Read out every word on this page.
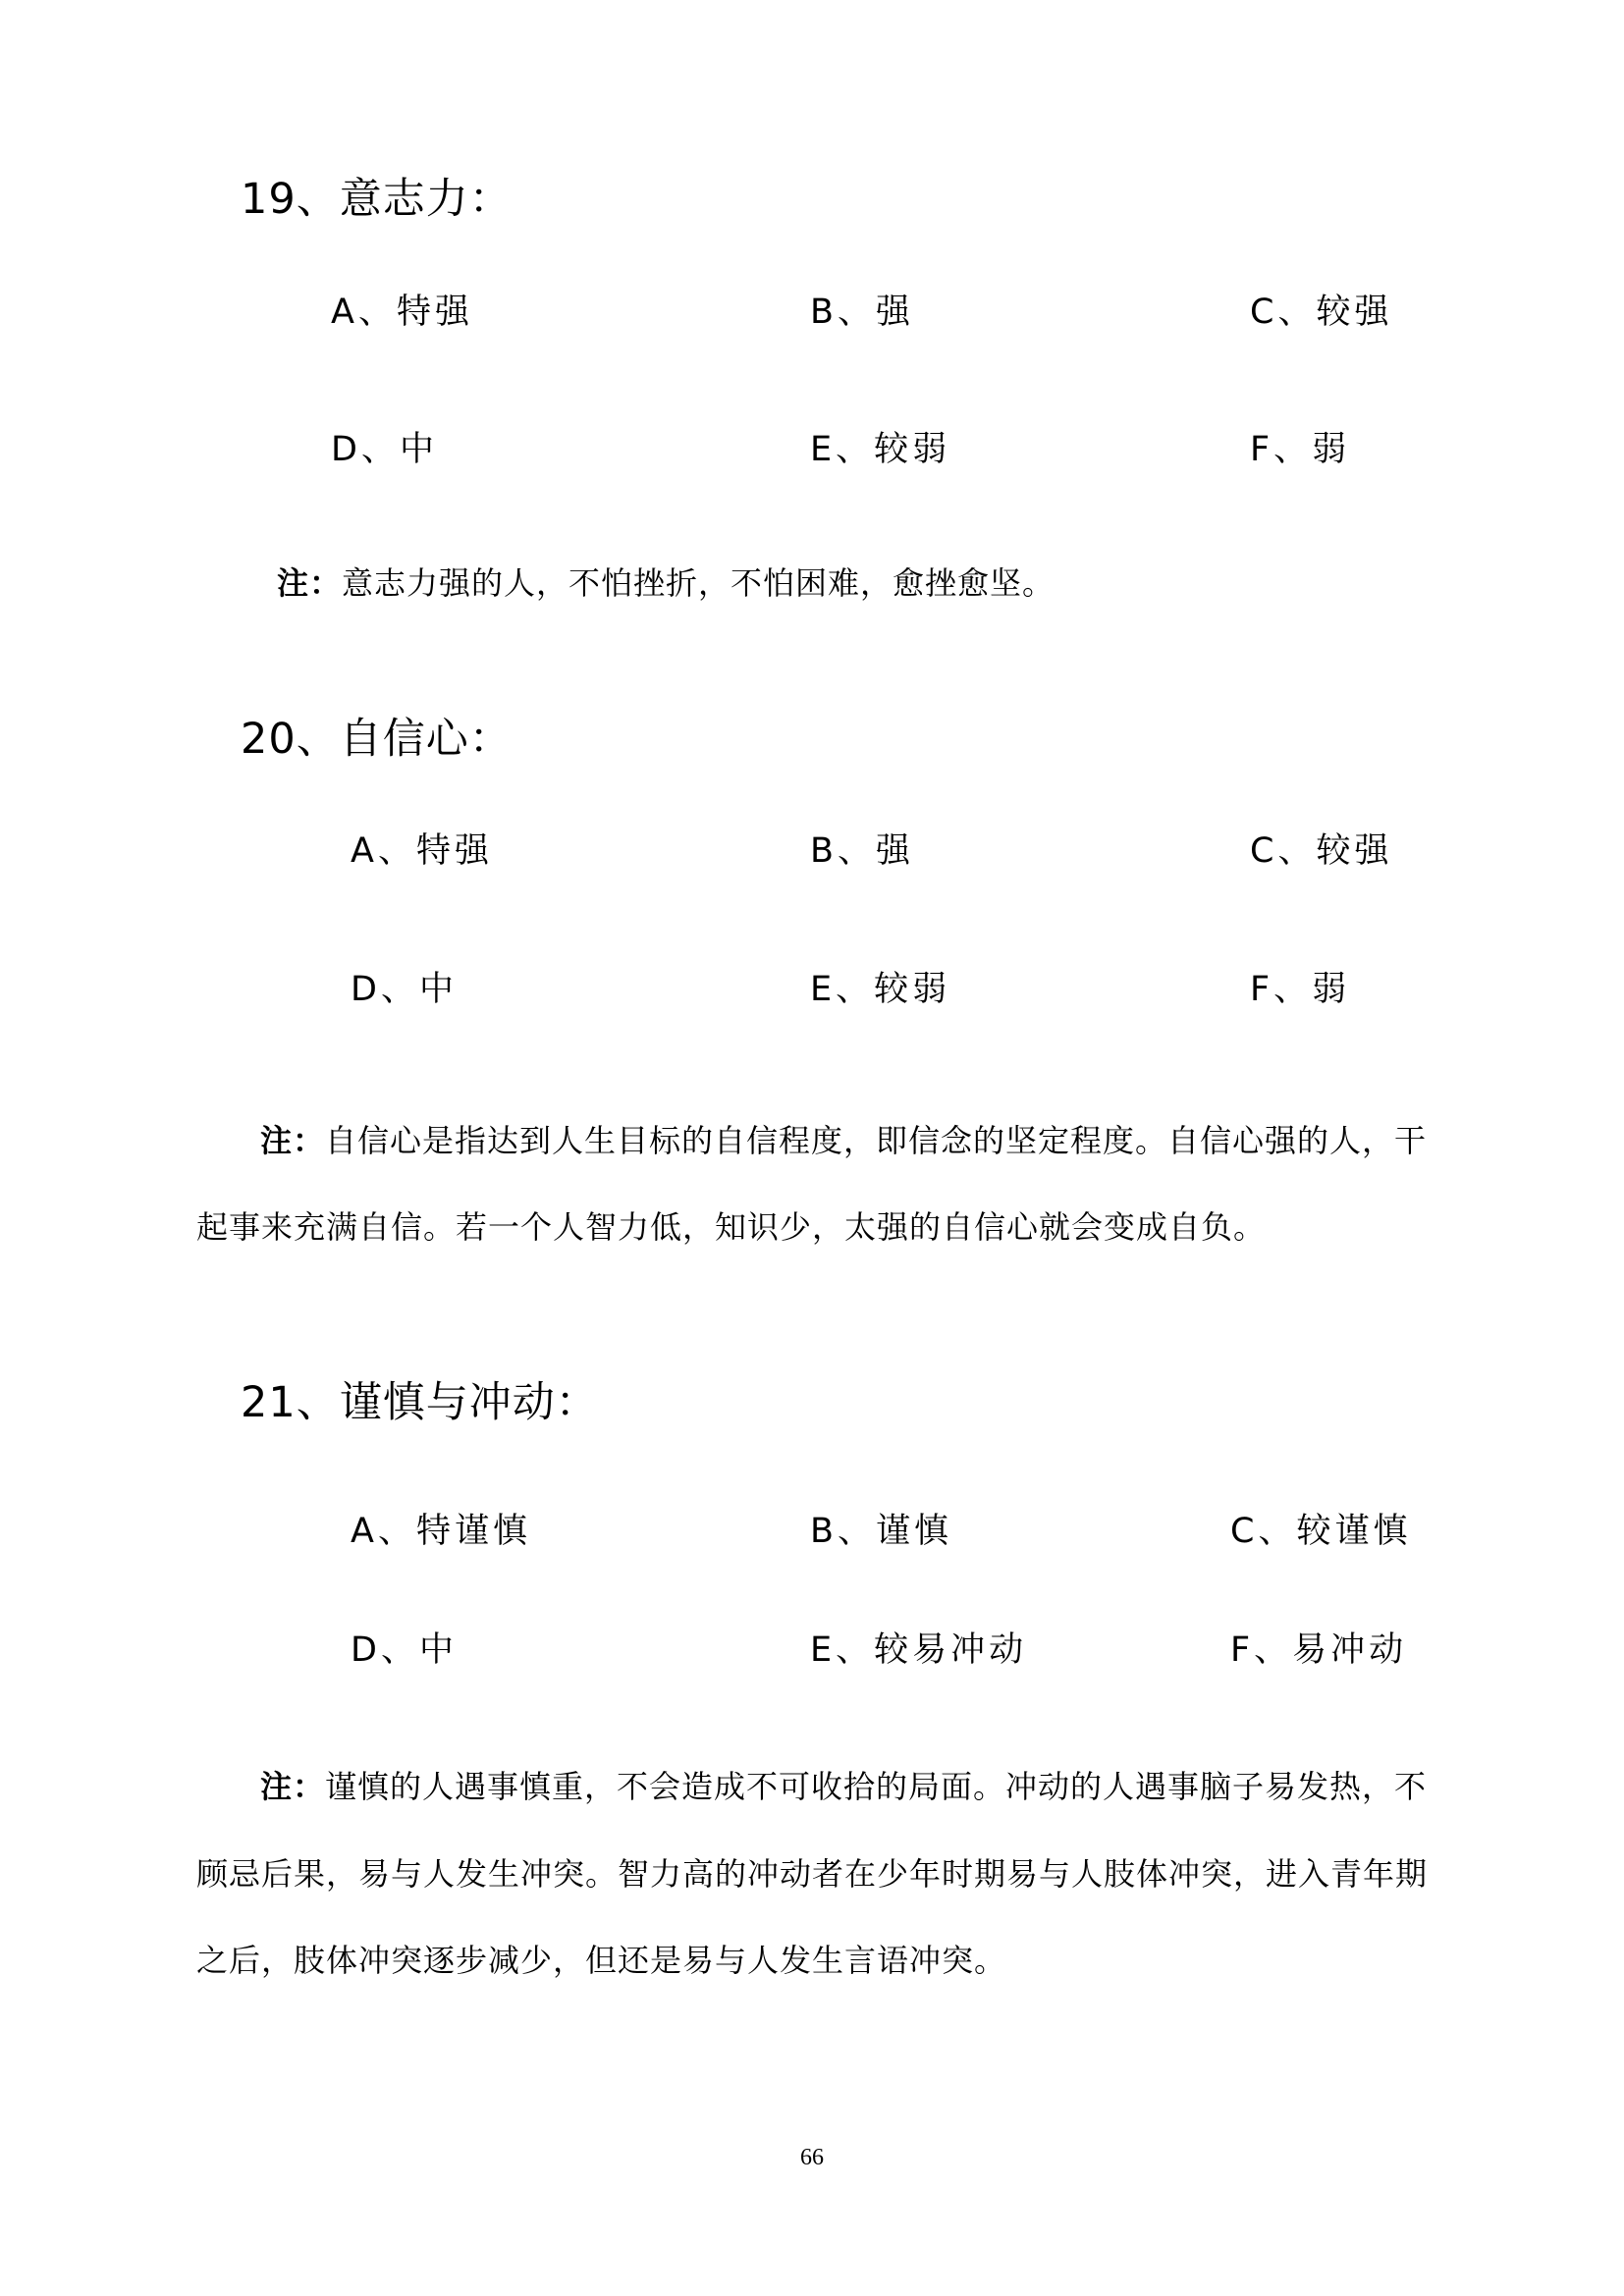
19、意志力：
A、特强	B、强	C、较强
D、中	E、较弱	F、弱
注：意志力强的人，不怕挫折，不怕困难，愈挫愈坚。
20、自信心：
A、特强	B、强	C、较强
D、中	E、较弱	F、弱
注：自信心是指达到人生目标的自信程度，即信念的坚定程度。自信心强的人，干
起事来充满自信。若一个人智力低，知识少，太强的自信心就会变成自负。
21、谨慎与冲动：
A、特谨慎	B、谨慎	C、较谨慎
D、中	E、较易冲动	F、易冲动
注：谨慎的人遇事慎重，不会造成不可收拾的局面。冲动的人遇事脑子易发热，不
顾忌后果，易与人发生冲突。智力高的冲动者在少年时期易与人肢体冲突，进入青年期
之后，肢体冲突逐步减少，但还是易与人发生言语冲突。
66
